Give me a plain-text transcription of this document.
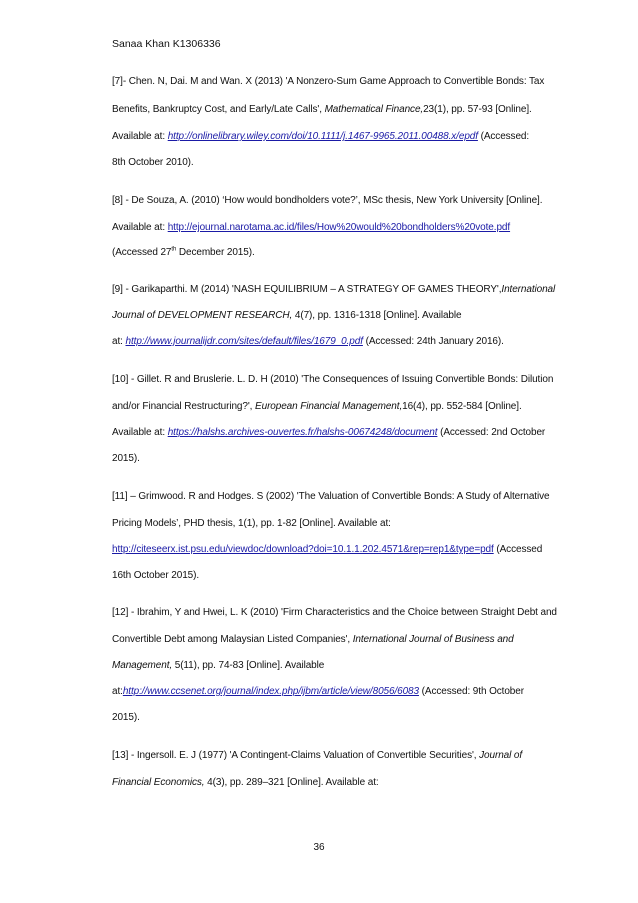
Sanaa Khan K1306336
[7]- Chen. N, Dai. M and Wan. X (2013) 'A Nonzero-Sum Game Approach to Convertible Bonds: Tax
Benefits, Bankruptcy Cost, and Early/Late Calls', Mathematical Finance,23(1), pp. 57-93 [Online].
Available at: http://onlinelibrary.wiley.com/doi/10.1111/j.1467-9965.2011.00488.x/epdf (Accessed:
8th October 2010).
[8] - De Souza, A. (2010) ‘How would bondholders vote?’, MSc thesis, New York University [Online].
Available at: http://ejournal.narotama.ac.id/files/How%20would%20bondholders%20vote.pdf
(Accessed 27th December 2015).
[9] - Garikaparthi. M (2014) 'NASH EQUILIBRIUM – A STRATEGY OF GAMES THEORY',International
Journal of DEVELOPMENT RESEARCH, 4(7), pp. 1316-1318 [Online]. Available
at: http://www.journalijdr.com/sites/default/files/1679_0.pdf (Accessed: 24th January 2016).
[10] - Gillet. R and Bruslerie. L. D. H (2010) 'The Consequences of Issuing Convertible Bonds: Dilution
and/or Financial Restructuring?', European Financial Management,16(4), pp. 552-584 [Online].
Available at: https://halshs.archives-ouvertes.fr/halshs-00674248/document (Accessed: 2nd October
2015).
[11] – Grimwood. R and Hodges. S (2002) 'The Valuation of Convertible Bonds: A Study of Alternative
Pricing Models’, PHD thesis, 1(1), pp. 1-82 [Online]. Available at:
http://citeseerx.ist.psu.edu/viewdoc/download?doi=10.1.1.202.4571&rep=rep1&type=pdf (Accessed
16th October 2015).
[12] - Ibrahim, Y and Hwei, L. K (2010) 'Firm Characteristics and the Choice between Straight Debt and
Convertible Debt among Malaysian Listed Companies', International Journal of Business and
Management, 5(11), pp. 74-83 [Online]. Available
at:http://www.ccsenet.org/journal/index.php/ijbm/article/view/8056/6083 (Accessed: 9th October
2015).
[13] - Ingersoll. E. J (1977) 'A Contingent-Claims Valuation of Convertible Securities', Journal of
Financial Economics, 4(3), pp. 289–321 [Online]. Available at:
36
